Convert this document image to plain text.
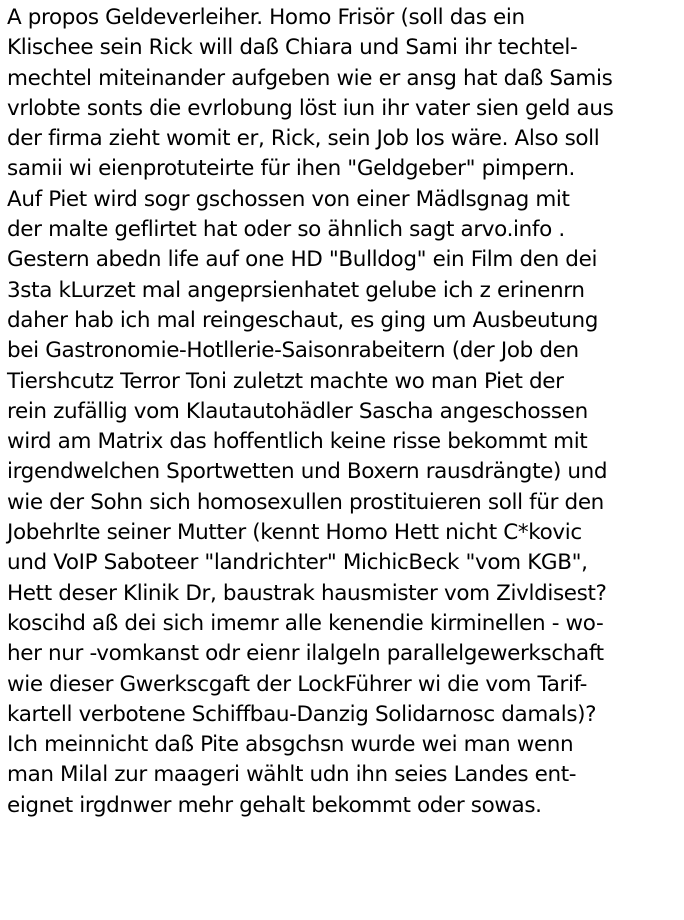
A propos Geldeverleiher. Homo Frisör (soll das ein
Klischee sein Rick will daß Chiara und Sami ihr techtel-
mechtel miteinander aufgeben wie er ansg hat daß Samis
vrlobte sonts die evrlobung löst iun ihr vater sien geld aus
der firma zieht womit er, Rick, sein Job los wäre. Also soll
samii wi eienprotuteirte für ihen "Geldgeber" pimpern.
Auf Piet wird sogr gschossen von einer Mädlsgnag mit
der malte geflirtet hat oder so ähnlich sagt arvo.info .
Gestern abedn life auf one HD "Bulldog" ein Film den dei
3sta kLurzet mal angeprsienhatet gelube ich z erinenrn
daher hab ich mal reingeschaut, es ging um Ausbeutung
bei Gastronomie-Hotllerie-Saisonrabeitern (der Job den
Tiershcutz Terror Toni zuletzt machte wo man Piet der
rein zufällig vom Klautautohädler Sascha angeschossen
wird am Matrix das hoffentlich keine risse bekommt mit
irgendwelchen Sportwetten und Boxern rausdrängte) und
wie der Sohn sich homosexullen prostituieren soll für den
Jobehrlte seiner Mutter (kennt Homo Hett nicht C*kovic
und VoIP Saboteer "landrichter" MichicBeck "vom KGB",
Hett deser Klinik Dr, baustrak hausmister vom Zivldisest?
koscihd aß dei sich imemr alle kenendie kirminellen - wo-
her nur -vomkanst odr eienr ilalgeln parallelgewerkschaft
wie dieser Gwerkscgaft der LockFührer wi die vom Tarif-
kartell verbotene Schiffbau-Danzig Solidarnosc damals)?
Ich meinnicht daß Pite absgchsn wurde wei man wenn
man Milal zur maageri wählt udn ihn seies Landes ent-
eignet irgdnwer mehr gehalt bekommt oder sowas.
